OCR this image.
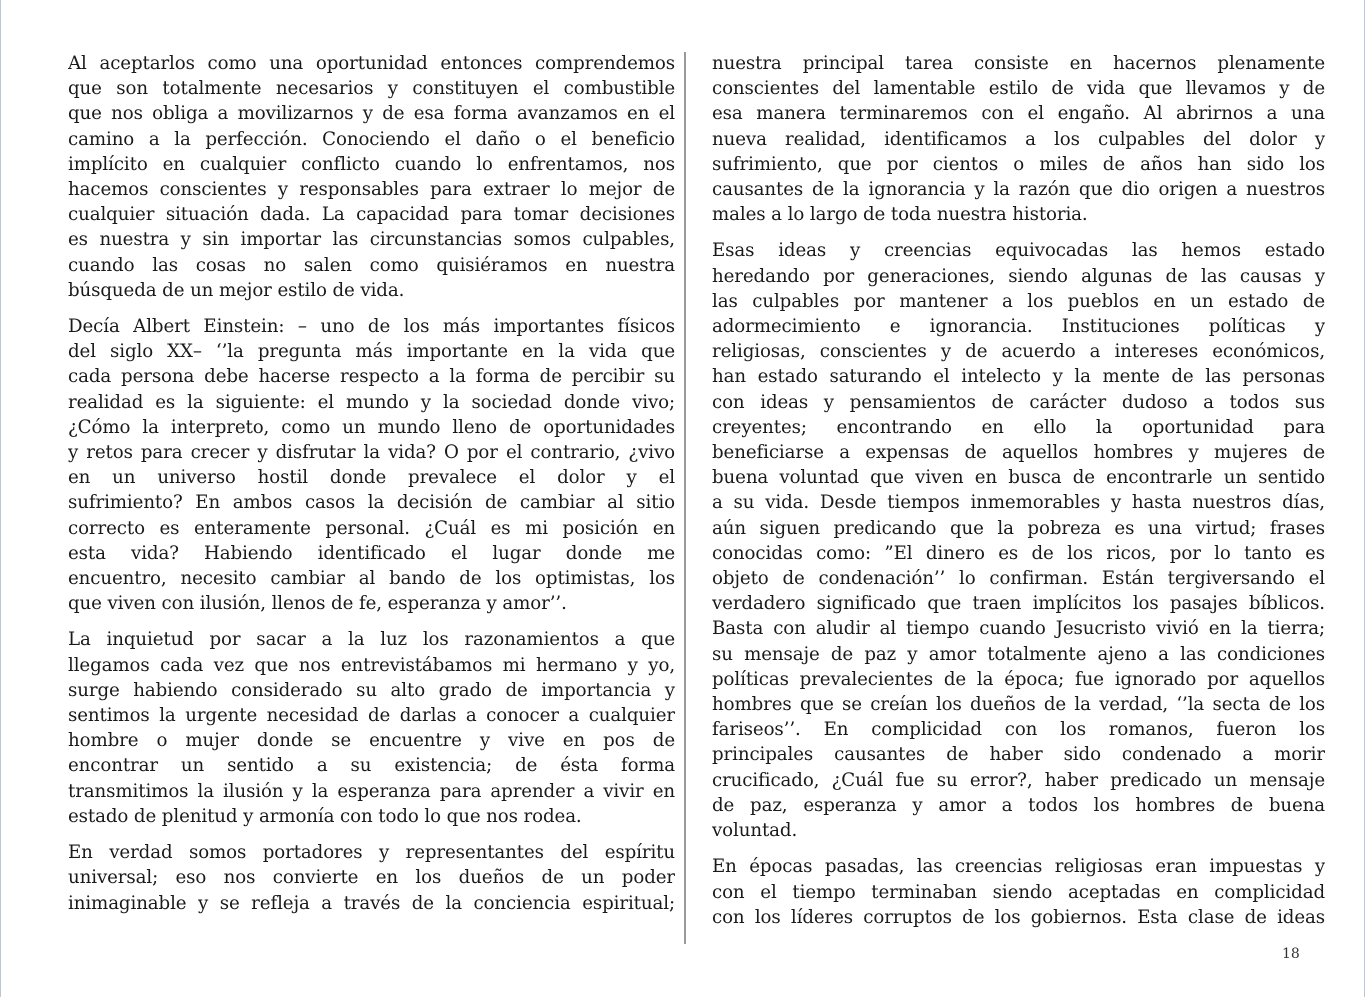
Al aceptarlos como una oportunidad entonces comprendemos
que son totalmente necesarios y constituyen el combustible
que nos obliga a movilizarnos y de esa forma avanzamos en el
camino a la perfección. Conociendo el daño o el beneficio
implícito en cualquier conflicto cuando lo enfrentamos, nos
hacemos conscientes y responsables para extraer lo mejor de
cualquier situación dada. La capacidad para tomar decisiones
es nuestra y sin importar las circunstancias somos culpables,
cuando las cosas no salen como quisiéramos en nuestra
búsqueda de un mejor estilo de vida.
Decía Albert Einstein: – uno de los más importantes físicos
del siglo XX– ‘’la pregunta más importante en la vida que
cada persona debe hacerse respecto a la forma de percibir su
realidad es la siguiente: el mundo y la sociedad donde vivo;
¿Cómo la interpreto, como un mundo lleno de oportunidades
y retos para crecer y disfrutar la vida? O por el contrario, ¿vivo
en un universo hostil donde prevalece el dolor y el
sufrimiento? En ambos casos la decisión de cambiar al sitio
correcto es enteramente personal. ¿Cuál es mi posición en
esta vida? Habiendo identificado el lugar donde me
encuentro, necesito cambiar al bando de los optimistas, los
que viven con ilusión, llenos de fe, esperanza y amor’’.
La inquietud por sacar a la luz los razonamientos a que
llegamos cada vez que nos entrevistábamos mi hermano y yo,
surge habiendo considerado su alto grado de importancia y
sentimos la urgente necesidad de darlas a conocer a cualquier
hombre o mujer donde se encuentre y vive en pos de
encontrar un sentido a su existencia; de ésta forma
transmitimos la ilusión y la esperanza para aprender a vivir en
estado de plenitud y armonía con todo lo que nos rodea.
En verdad somos portadores y representantes del espíritu
universal; eso nos convierte en los dueños de un poder
inimaginable y se refleja a través de la conciencia espiritual;
nuestra principal tarea consiste en hacernos plenamente
conscientes del lamentable estilo de vida que llevamos y de
esa manera terminaremos con el engaño. Al abrirnos a una
nueva realidad, identificamos a los culpables del dolor y
sufrimiento, que por cientos o miles de años han sido los
causantes de la ignorancia y la razón que dio origen a nuestros
males a lo largo de toda nuestra historia.
Esas ideas y creencias equivocadas las hemos estado
heredando por generaciones, siendo algunas de las causas y
las culpables por mantener a los pueblos en un estado de
adormecimiento e ignorancia. Instituciones políticas y
religiosas, conscientes y de acuerdo a intereses económicos,
han estado saturando el intelecto y la mente de las personas
con ideas y pensamientos de carácter dudoso a todos sus
creyentes; encontrando en ello la oportunidad para
beneficiarse a expensas de aquellos hombres y mujeres de
buena voluntad que viven en busca de encontrarle un sentido
a su vida. Desde tiempos inmemorables y hasta nuestros días,
aún siguen predicando que la pobreza es una virtud; frases
conocidas como: ”El dinero es de los ricos, por lo tanto es
objeto de condenación’’ lo confirman. Están tergiversando el
verdadero significado que traen implícitos los pasajes bíblicos.
Basta con aludir al tiempo cuando Jesucristo vivió en la tierra;
su mensaje de paz y amor totalmente ajeno a las condiciones
políticas prevalecientes de la época; fue ignorado por aquellos
hombres que se creían los dueños de la verdad, ‘’la secta de los
fariseos’’. En complicidad con los romanos, fueron los
principales causantes de haber sido condenado a morir
crucificado, ¿Cuál fue su error?, haber predicado un mensaje
de paz, esperanza y amor a todos los hombres de buena
voluntad.
En épocas pasadas, las creencias religiosas eran impuestas y
con el tiempo terminaban siendo aceptadas en complicidad
con los líderes corruptos de los gobiernos. Esta clase de ideas
18
